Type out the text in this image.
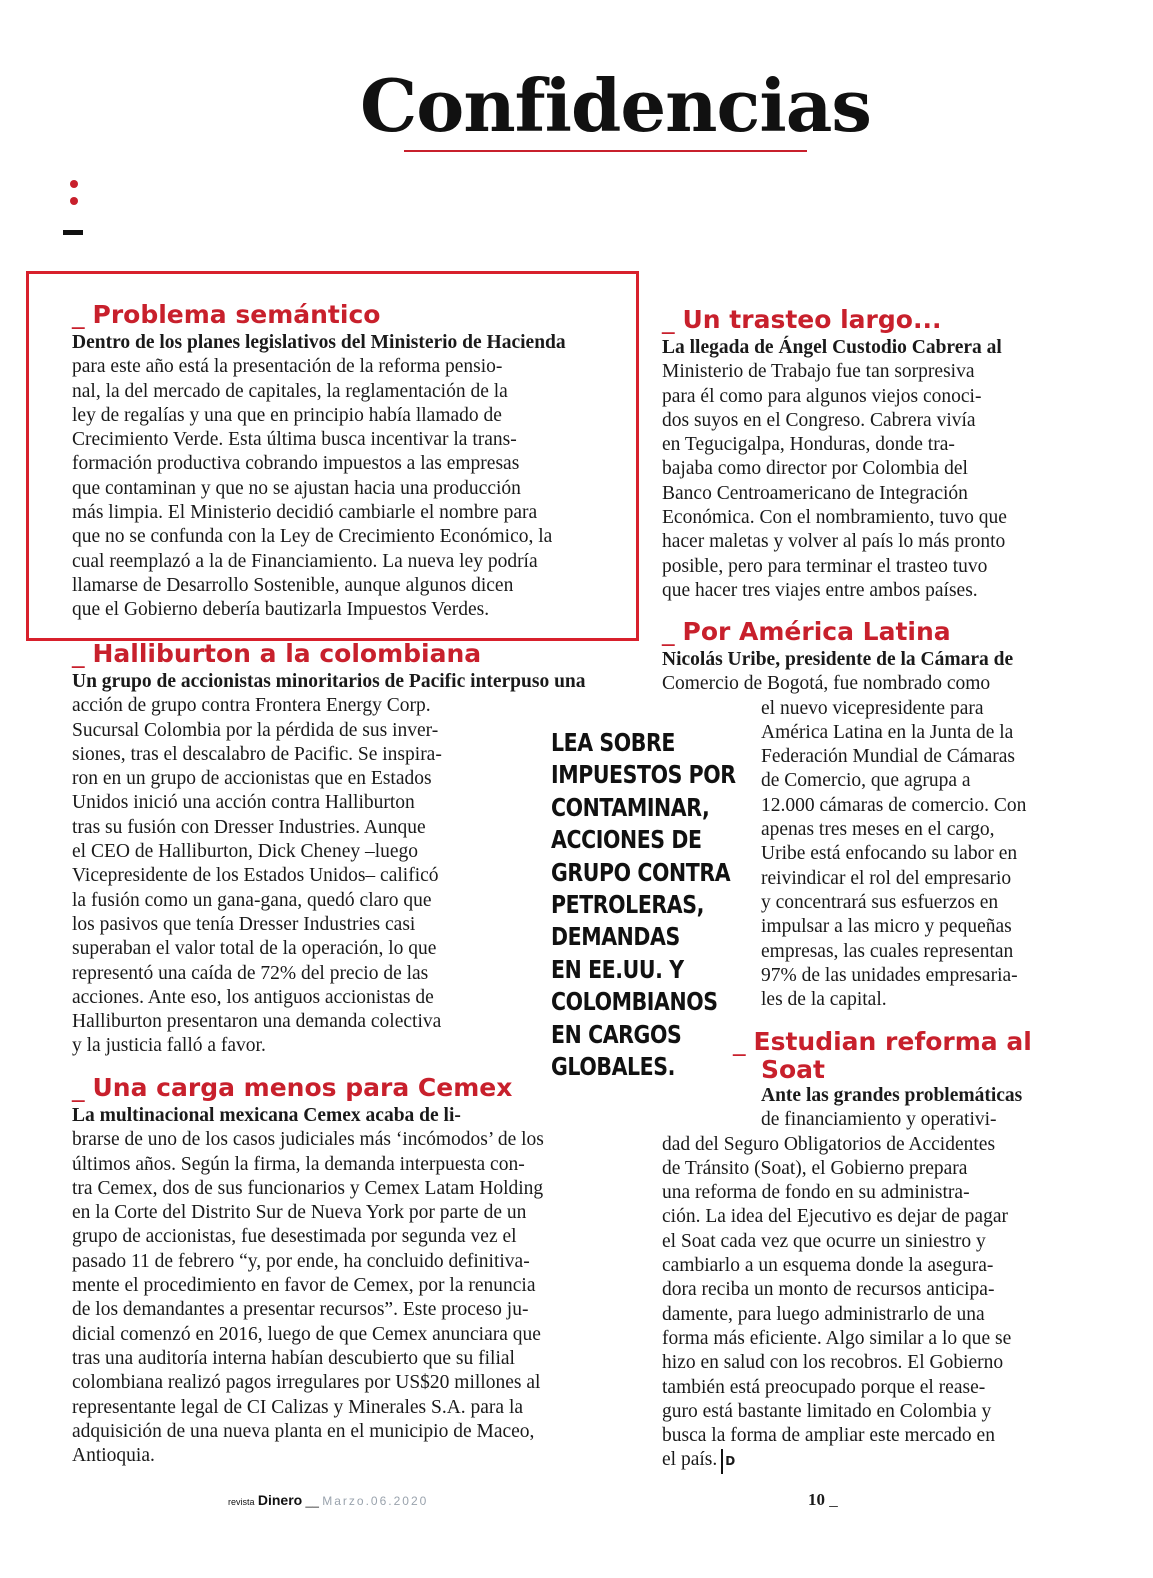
Confidencias
_ Problema semántico

Dentro de los planes legislativos del Ministerio de Hacienda
para este año está la presentación de la reforma pensio-
nal, la del mercado de capitales, la reglamentación de la
ley de regalías y una que en principio había llamado de
Crecimiento Verde. Esta última busca incentivar la trans-
formación productiva cobrando impuestos a las empresas
que contaminan y que no se ajustan hacia una producción
más limpia. El Ministerio decidió cambiarle el nombre para
que no se confunda con la Ley de Crecimiento Económico, la
cual reemplazó a la de Financiamiento. La nueva ley podría
llamarse de Desarrollo Sostenible, aunque algunos dicen
que el Gobierno debería bautizarla Impuestos Verdes.

_ Halliburton a la colombiana

Un grupo de accionistas minoritarios de Pacific interpuso una
acción de grupo contra Frontera Energy Corp.
Sucursal Colombia por la pérdida de sus inver-
siones, tras el descalabro de Pacific. Se inspira-
ron en un grupo de accionistas que en Estados
Unidos inició una acción contra Halliburton
tras su fusión con Dresser Industries. Aunque
el CEO de Halliburton, Dick Cheney –luego
Vicepresidente de los Estados Unidos– calificó
la fusión como un gana-gana, quedó claro que
los pasivos que tenía Dresser Industries casi
superaban el valor total de la operación, lo que
representó una caída de 72% del precio de las
acciones. Ante eso, los antiguos accionistas de
Halliburton presentaron una demanda colectiva
y la justicia falló a favor.

LEA SOBRE
IMPUESTOS POR
CONTAMINAR,
ACCIONES DE
GRUPO CONTRA
PETROLERAS,
DEMANDAS
EN EE.UU. Y
COLOMBIANOS
EN CARGOS
GLOBALES.
_ Una carga menos para Cemex

La multinacional mexicana Cemex acaba de li-
brarse de uno de los casos judiciales más ‘incómodos’ de los
últimos años. Según la firma, la demanda interpuesta con-
tra Cemex, dos de sus funcionarios y Cemex Latam Holding
en la Corte del Distrito Sur de Nueva York por parte de un
grupo de accionistas, fue desestimada por segunda vez el
pasado 11 de febrero “y, por ende, ha concluido definitiva-
mente el procedimiento en favor de Cemex, por la renuncia
de los demandantes a presentar recursos”. Este proceso ju-
dicial comenzó en 2016, luego de que Cemex anunciara que
tras una auditoría interna habían descubierto que su filial
colombiana realizó pagos irregulares por US$20 millones al
representante legal de CI Calizas y Minerales S.A. para la
adquisición de una nueva planta en el municipio de Maceo,
Antioquia.

_ Un trasteo largo...

La llegada de Ángel Custodio Cabrera al
Ministerio de Trabajo fue tan sorpresiva
para él como para algunos viejos conoci-
dos suyos en el Congreso. Cabrera vivía
en Tegucigalpa, Honduras, donde tra-
bajaba como director por Colombia del
Banco Centroamericano de Integración
Económica. Con el nombramiento, tuvo que
hacer maletas y volver al país lo más pronto
posible, pero para terminar el trasteo tuvo
que hacer tres viajes entre ambos países.

_ Por América Latina

Nicolás Uribe, presidente de la Cámara de
Comercio de Bogotá, fue nombrado como

el nuevo vicepresidente para
América Latina en la Junta de la
Federación Mundial de Cámaras
de Comercio, que agrupa a
12.000 cámaras de comercio. Con
apenas tres meses en el cargo,
Uribe está enfocando su labor en
reivindicar el rol del empresario
y concentrará sus esfuerzos en
impulsar a las micro y pequeñas
empresas, las cuales representan
97% de las unidades empresaria-
les de la capital.

_ Estudian reforma al
Soat

Ante las grandes problemáticas
de financiamiento y operativi-

dad del Seguro Obligatorios de Accidentes
de Tránsito (Soat), el Gobierno prepara
una reforma de fondo en su administra-
ción. La idea del Ejecutivo es dejar de pagar
el Soat cada vez que ocurre un siniestro y
cambiarlo a un esquema donde la asegura-
dora reciba un monto de recursos anticipa-
damente, para luego administrarlo de una
forma más eficiente. Algo similar a lo que se
hizo en salud con los recobros. El Gobierno
también está preocupado porque el rease-
guro está bastante limitado en Colombia y
busca la forma de ampliar este mercado en
el país. D

revista Dinero __ Marzo.06.2020	10 _
